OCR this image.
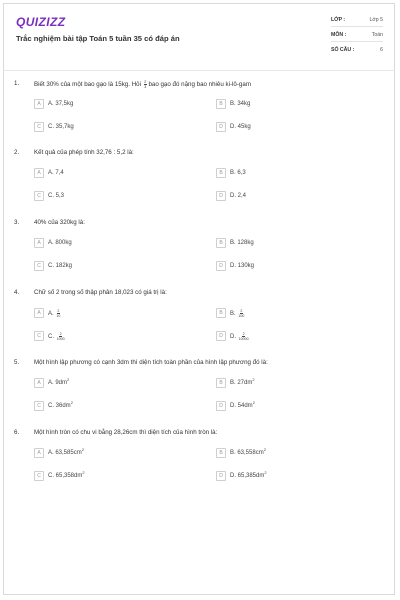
QUIZIZZ
Trắc nghiệm bài tập Toán 5 tuần 35 có đáp án
LỚP :	Lớp 5
MÔN :	Toán
SỐ CÂU :	6
1. Biết 30% của một bao gạo là 15kg. Hỏi $\frac{2}{3}$ bao gạo đó nặng bao nhiêu ki-lô-gam
A	A. 37,5kg	B	B. 34kg
C	C. 35,7kg	D	D. 45kg
2. Kết quả của phép tính 32,76 : 5,2 là:
A	A. 7,4	B	B. 6,3
C	C. 5,3	D	D. 2,4
3. 40% của 320kg là:
A	A. 800kg	B	B. 128kg
C	C. 182kg	D	D. 130kg
4. Chữ số 2 trong số thập phân 18,023 có giá trị là:
A	A. $\frac{2}{10}$	B	B. $\frac{2}{100}$
C	C. $\frac{2}{1000}$	D	D. $\frac{2}{10000}$
5. Một hình lập phương có cạnh 3dm thì diện tích toàn phần của hình lập phương đó là:
A	A. $9dm^2$
B	B. $27dm^2$
C	C. $36dm^2$
D	D. $54dm^2$
6. Một hình tròn có chu vi bằng 28,26cm thì diện tích của hình tròn là:
A	A. $63,585cm^2$
B	B. $63,558cm^2$
C	C. $65,358dm^2$
D	D. $65,385dm^2$
